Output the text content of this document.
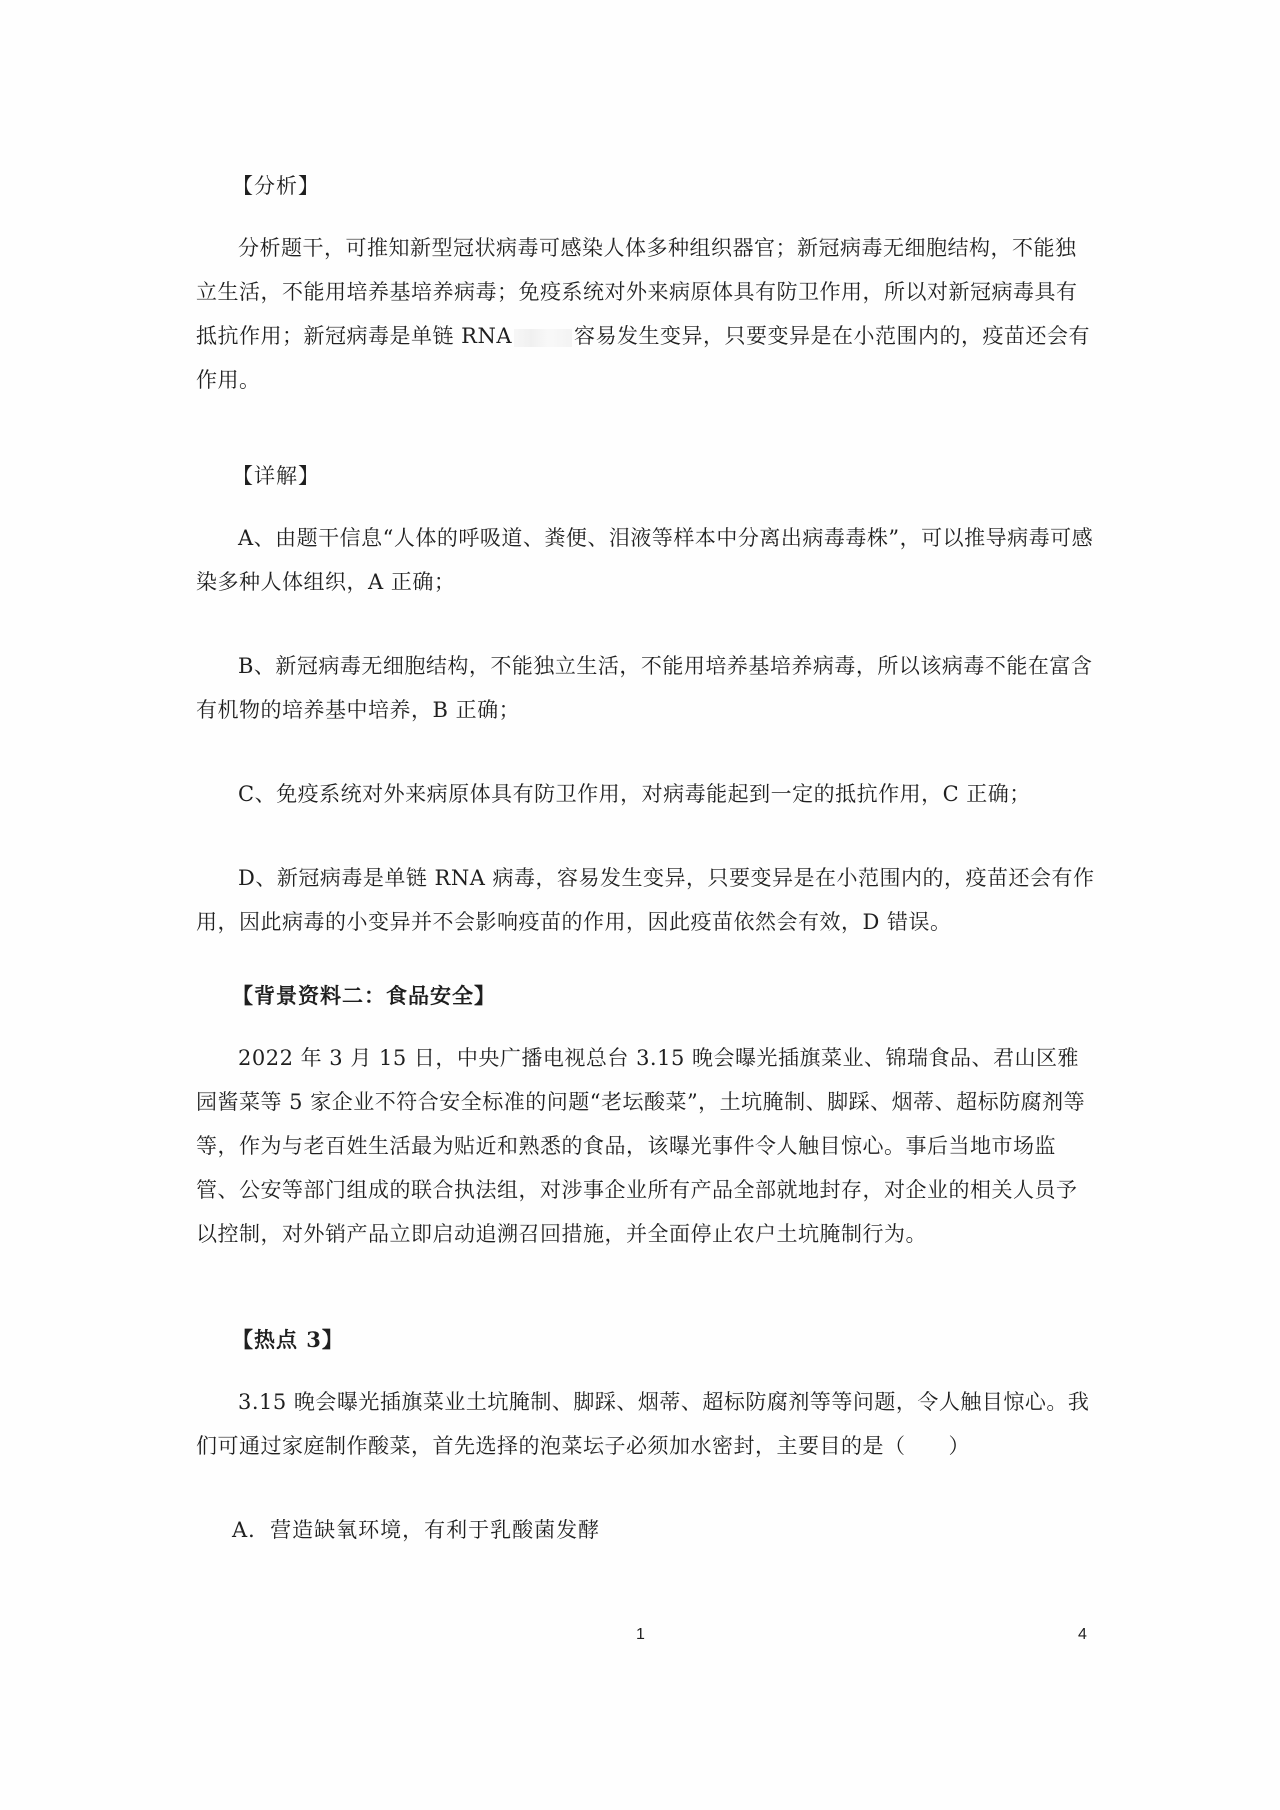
【分析】

分析题干，可推知新型冠状病毒可感染人体多种组织器官；新冠病毒无细胞结构，不能独立生活，不能用培养基培养病毒；免疫系统对外来病原体具有防卫作用，所以对新冠病毒具有抵抗作用；新冠病毒是单链 RNA	容易发生变异，只要变异是在小范围内的，疫苗还会有作用。

【详解】

A、由题干信息“人体的呼吸道、粪便、泪液等样本中分离出病毒毒株”，可以推导病毒可感染多种人体组织，A 正确；

B、新冠病毒无细胞结构，不能独立生活，不能用培养基培养病毒，所以该病毒不能在富含有机物的培养基中培养，B 正确；

C、免疫系统对外来病原体具有防卫作用，对病毒能起到一定的抵抗作用，C 正确；

D、新冠病毒是单链 RNA 病毒，容易发生变异，只要变异是在小范围内的，疫苗还会有作用，因此病毒的小变异并不会影响疫苗的作用，因此疫苗依然会有效，D 错误。

【背景资料二：食品安全】

2022 年 3 月 15 日，中央广播电视总台 3.15 晚会曝光插旗菜业、锦瑞食品、君山区雅园酱菜等 5 家企业不符合安全标准的问题“老坛酸菜”，土坑腌制、脚踩、烟蒂、超标防腐剂等等，作为与老百姓生活最为贴近和熟悉的食品，该曝光事件令人触目惊心。事后当地市场监管、公安等部门组成的联合执法组，对涉事企业所有产品全部就地封存，对企业的相关人员予以控制，对外销产品立即启动追溯召回措施，并全面停止农户土坑腌制行为。

【热点 3】

3.15 晚会曝光插旗菜业土坑腌制、脚踩、烟蒂、超标防腐剂等等问题，令人触目惊心。我们可通过家庭制作酸菜，首先选择的泡菜坛子必须加水密封，主要目的是（　　）

A．营造缺氧环境，有利于乳酸菌发酵

1	4
